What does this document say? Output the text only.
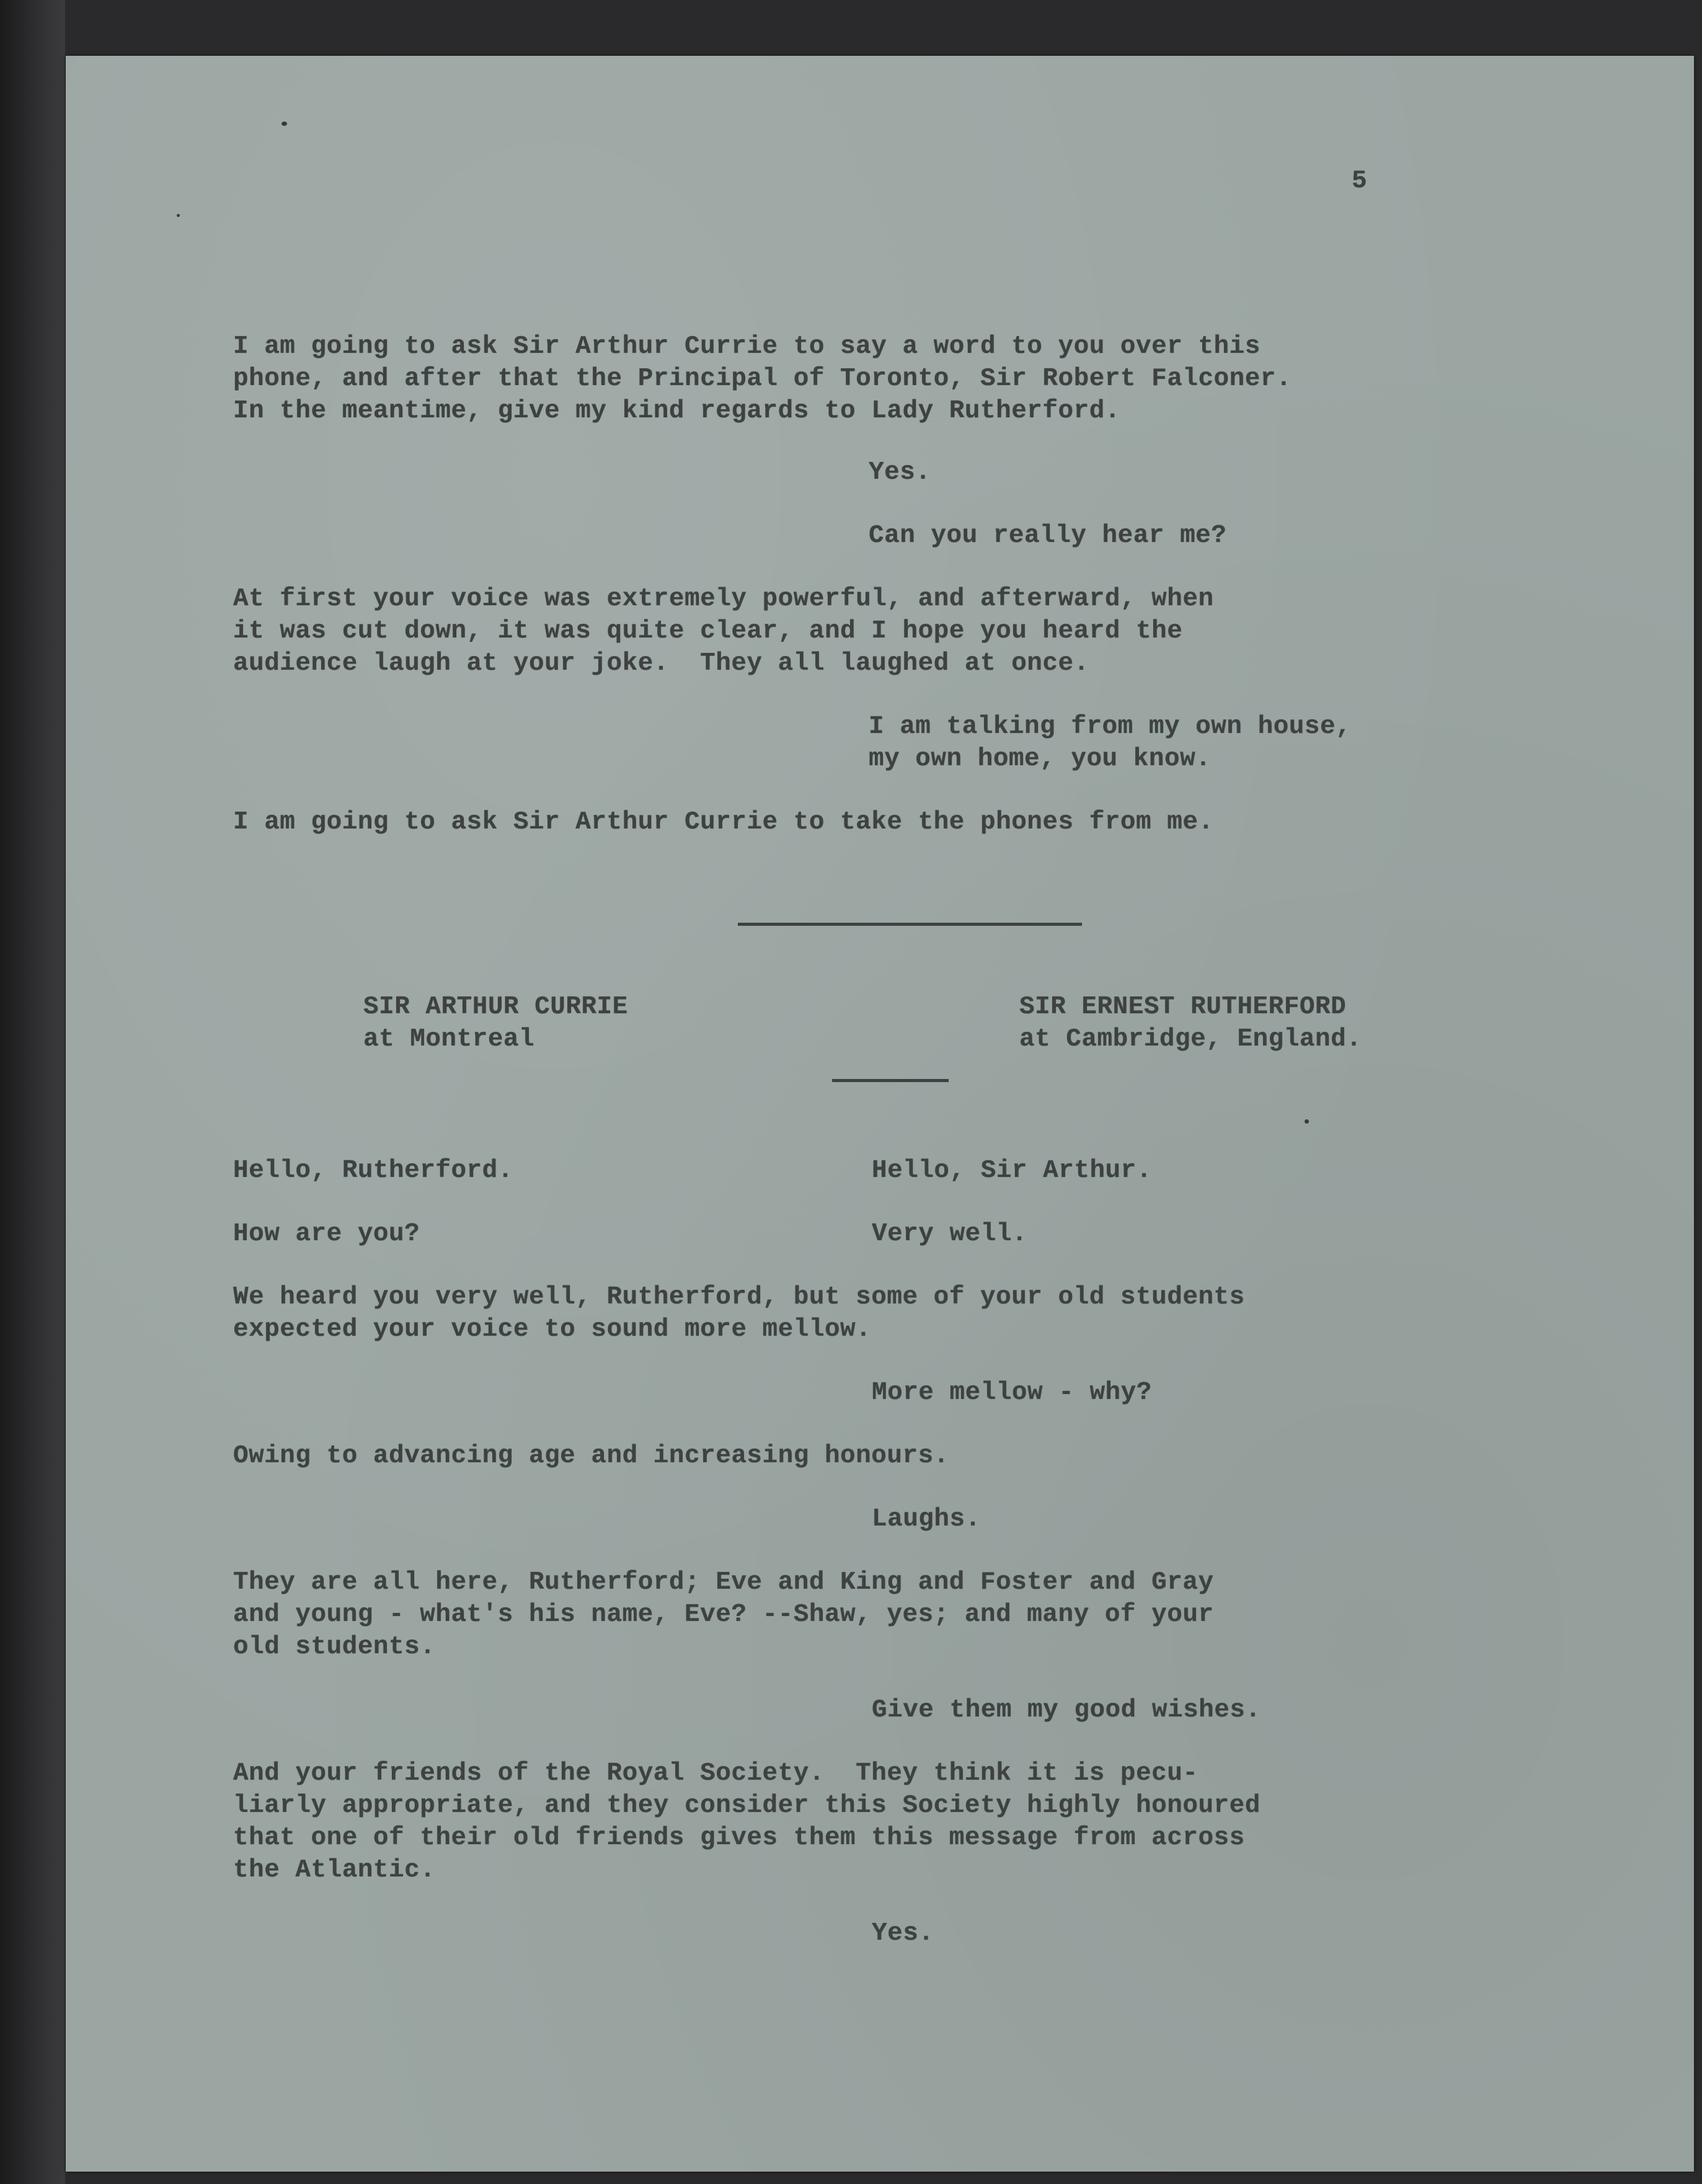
5

I am going to ask Sir Arthur Currie to say a word to you over this

phone, and after that the Principal of Toronto, Sir Robert Falconer.

In the meantime, give my kind regards to Lady Rutherford.

Yes.

Can you really hear me?

At first your voice was extremely powerful, and afterward, when

it was cut down, it was quite clear, and I hope you heard the

audience laugh at your joke.  They all laughed at once.

I am talking from my own house,

my own home, you know.

I am going to ask Sir Arthur Currie to take the phones from me.

SIR ARTHUR CURRIE

at Montreal

SIR ERNEST RUTHERFORD

at Cambridge, England.

Hello, Rutherford.	Hello, Sir Arthur.

How are you?	Very well.

We heard you very well, Rutherford, but some of your old students

expected your voice to sound more mellow.

More mellow - why?

Owing to advancing age and increasing honours.

Laughs.

They are all here, Rutherford; Eve and King and Foster and Gray

and young - what's his name, Eve? --Shaw, yes; and many of your

old students.

Give them my good wishes.

And your friends of the Royal Society.  They think it is pecu-

liarly appropriate, and they consider this Society highly honoured

that one of their old friends gives them this message from across

the Atlantic.

Yes.
